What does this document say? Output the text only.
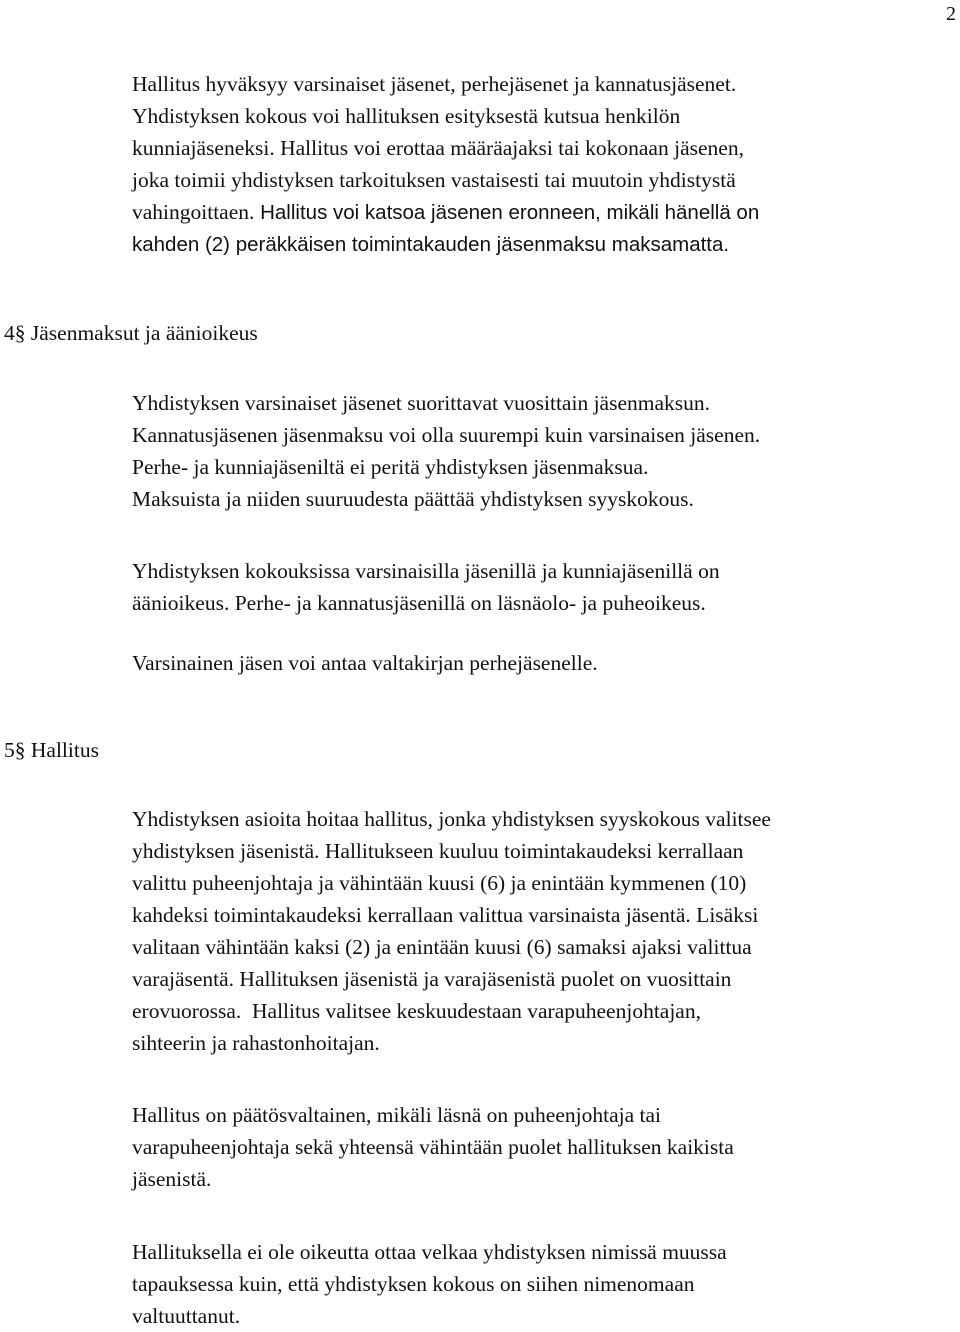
2
Hallitus hyväksyy varsinaiset jäsenet, perhejäsenet ja kannatusjäsenet.
Yhdistyksen kokous voi hallituksen esityksestä kutsua henkilön
kunniajäseneksi. Hallitus voi erottaa määräajaksi tai kokonaan jäsenen,
joka toimii yhdistyksen tarkoituksen vastaisesti tai muutoin yhdistystä
vahingoittaen. Hallitus voi katsoa jäsenen eronneen, mikäli hänellä on
kahden (2) peräkkäisen toimintakauden jäsenmaksu maksamatta.
4§ Jäsenmaksut ja äänioikeus
Yhdistyksen varsinaiset jäsenet suorittavat vuosittain jäsenmaksun.
Kannatusjäsenen jäsenmaksu voi olla suurempi kuin varsinaisen jäsenen.
Perhe- ja kunniajäseniltä ei peritä yhdistyksen jäsenmaksua.
Maksuista ja niiden suuruudesta päättää yhdistyksen syyskokous.
Yhdistyksen kokouksissa varsinaisilla jäsenillä ja kunniajäsenillä on
äänioikeus. Perhe- ja kannatusjäsenillä on läsnäolo- ja puheoikeus.
Varsinainen jäsen voi antaa valtakirjan perhejäsenelle.
5§ Hallitus
Yhdistyksen asioita hoitaa hallitus, jonka yhdistyksen syyskokous valitsee
yhdistyksen jäsenistä. Hallitukseen kuuluu toimintakaudeksi kerrallaan
valittu puheenjohtaja ja vähintään kuusi (6) ja enintään kymmenen (10)
kahdeksi toimintakaudeksi kerrallaan valittua varsinaista jäsentä. Lisäksi
valitaan vähintään kaksi (2) ja enintään kuusi (6) samaksi ajaksi valittua
varajäsentä. Hallituksen jäsenistä ja varajäsenistä puolet on vuosittain
erovuorossa.  Hallitus valitsee keskuudestaan varapuheenjohtajan,
sihteerin ja rahastonhoitajan.
Hallitus on päätösvaltainen, mikäli läsnä on puheenjohtaja tai
varapuheenjohtaja sekä yhteensä vähintään puolet hallituksen kaikista
jäsenistä.
Hallituksella ei ole oikeutta ottaa velkaa yhdistyksen nimissä muussa
tapauksessa kuin, että yhdistyksen kokous on siihen nimenomaan
valtuuttanut.
